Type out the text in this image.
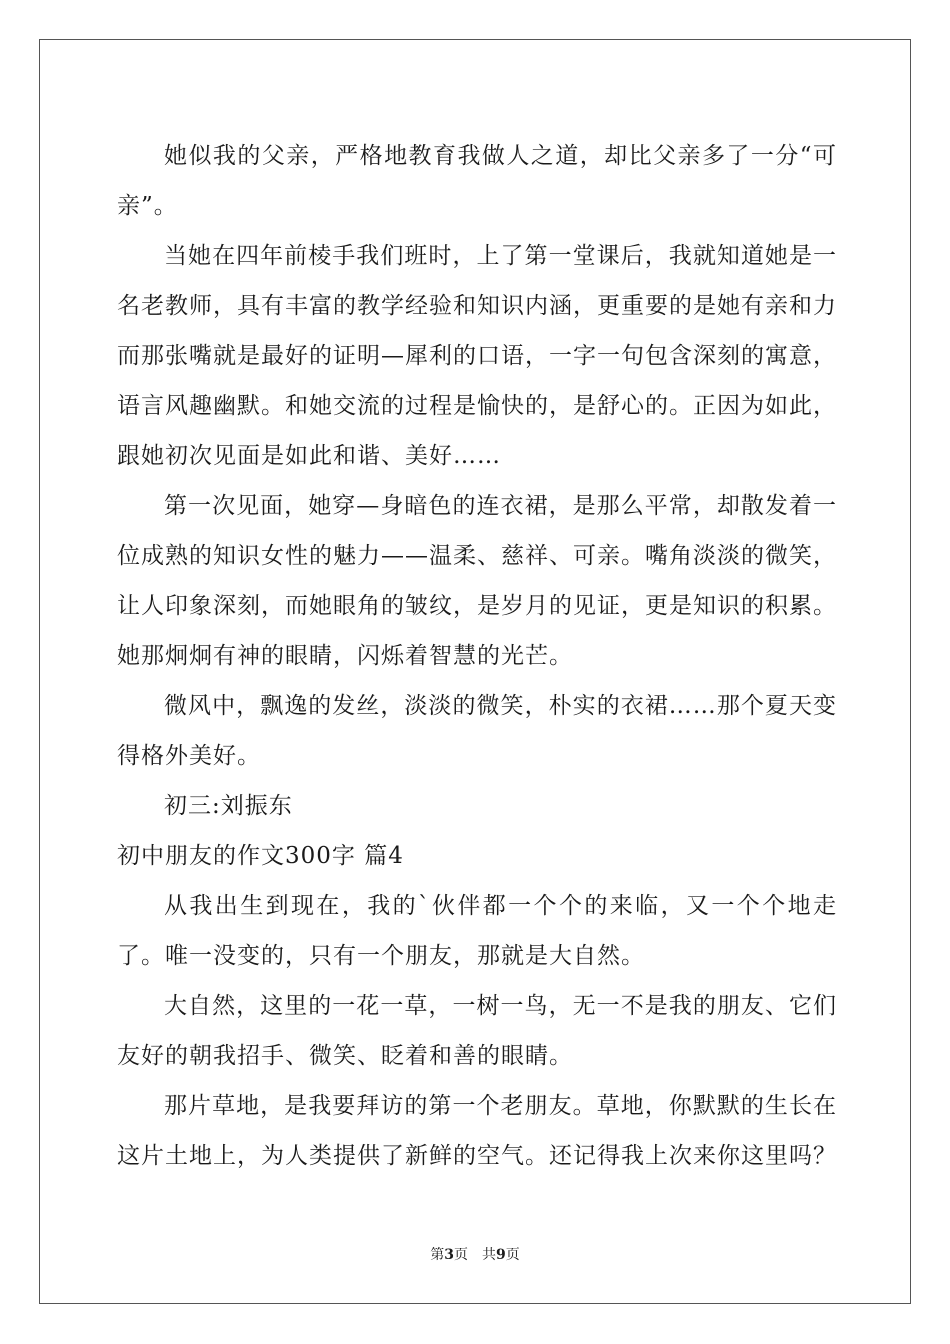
她似我的父亲，严格地教育我做人之道，却比父亲多了一分“可亲”。

当她在四年前棱手我们班时，上了第一堂课后，我就知道她是一名老教师，具有丰富的教学经验和知识内涵，更重要的是她有亲和力而那张嘴就是最好的证明—犀利的口语，一字一句包含深刻的寓意，语言风趣幽默。和她交流的过程是愉快的，是舒心的。正因为如此，跟她初次见面是如此和谐、美好……

第一次见面，她穿—身暗色的连衣裙，是那么平常，却散发着一位成熟的知识女性的魅力——温柔、慈祥、可亲。嘴角淡淡的微笑，让人印象深刻，而她眼角的皱纹，是岁月的见证，更是知识的积累。她那炯炯有神的眼睛，闪烁着智慧的光芒。

微风中，飘逸的发丝，淡淡的微笑，朴实的衣裙……那个夏天变得格外美好。

初三:刘振东

初中朋友的作文300字 篇4

从我出生到现在，我的`伙伴都一个个的来临，又一个个地走了。唯一没变的，只有一个朋友，那就是大自然。

大自然，这里的一花一草，一树一鸟，无一不是我的朋友、它们友好的朝我招手、微笑、眨着和善的眼睛。

那片草地，是我要拜访的第一个老朋友。草地，你默默的生长在这片土地上，为人类提供了新鲜的空气。还记得我上次来你这里吗？

第3页　共9页
